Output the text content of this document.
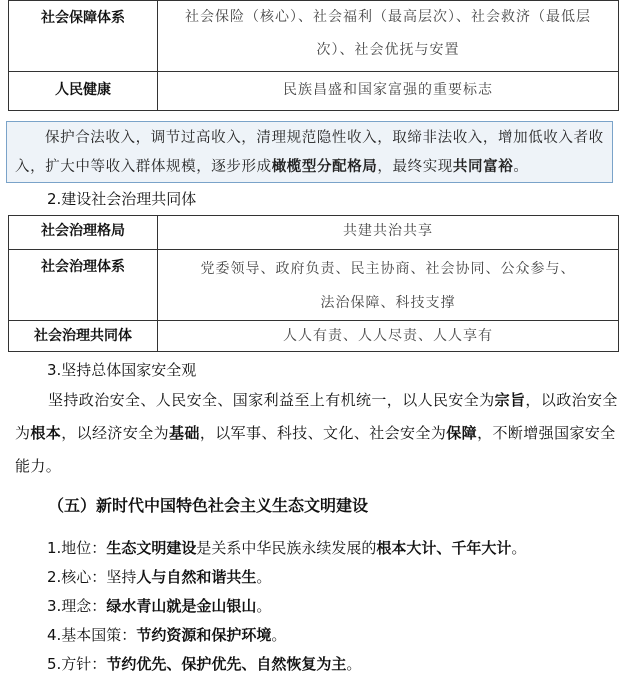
社会保障体系	社会保险（核心）、社会福利（最高层次）、社会救济（最低层次）、社会优抚与安置
人民健康	民族昌盛和国家富强的重要标志
保护合法收入，调节过高收入，清理规范隐性收入，取缔非法收入，增加低收入者收入，扩大中等收入群体规模，逐步形成橄榄型分配格局，最终实现共同富裕。
2.建设社会治理共同体
社会治理格局	共建共治共享
社会治理体系	党委领导、政府负责、民主协商、社会协同、公众参与、
法治保障、科技支撑

社会治理共同体	人人有责、人人尽责、人人享有
3.坚持总体国家安全观
坚持政治安全、人民安全、国家利益至上有机统一，以人民安全为宗旨，以政治安全为根本，以经济安全为基础，以军事、科技、文化、社会安全为保障，不断增强国家安全能力。
（五）新时代中国特色社会主义生态文明建设
1.地位：生态文明建设是关系中华民族永续发展的根本大计、千年大计。
2.核心：坚持人与自然和谐共生。
3.理念：绿水青山就是金山银山。
4.基本国策：节约资源和保护环境。
5.方针：节约优先、保护优先、自然恢复为主。
